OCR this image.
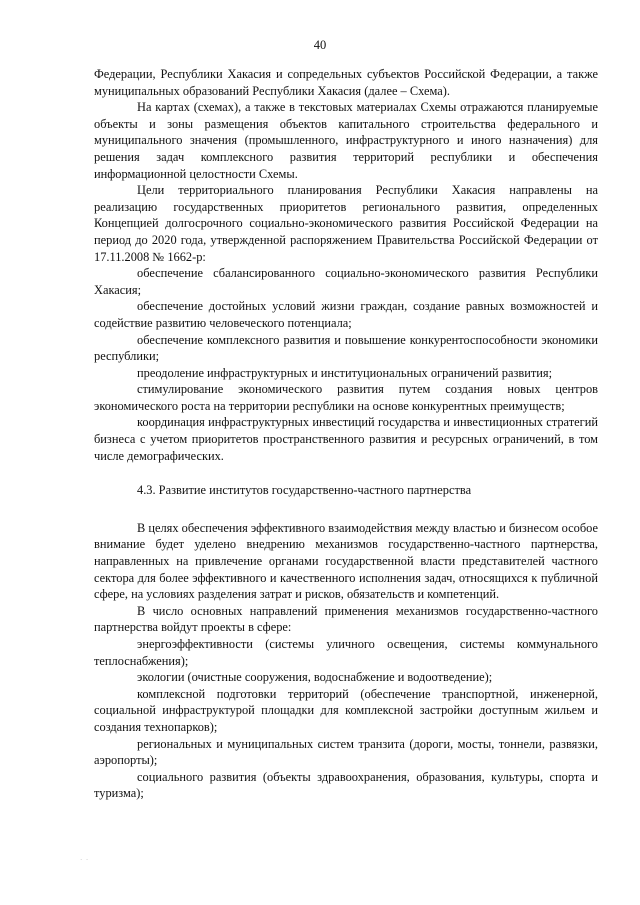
40

Федерации, Республики Хакасия и сопредельных субъектов Российской Федерации, а также муниципальных образований Республики Хакасия (далее – Схема).

На картах (схемах), а также в текстовых материалах Схемы отражаются планируемые объекты и зоны размещения объектов капитального строительства федерального и муниципального значения (промышленного, инфраструктурного и иного назначения) для решения задач комплексного развития территорий республики и обеспечения информационной целостности Схемы.

Цели территориального планирования Республики Хакасия направлены на реализацию государственных приоритетов регионального развития, определенных Концепцией долгосрочного социально-экономического развития Российской Федерации на период до 2020 года, утвержденной распоряжением Правительства Российской Федерации от 17.11.2008 № 1662-р:

обеспечение сбалансированного социально-экономического развития Республики Хакасия;

обеспечение достойных условий жизни граждан, создание равных возможностей и содействие развитию человеческого потенциала;

обеспечение комплексного развития и повышение конкурентоспособности экономики республики;

преодоление инфраструктурных и институциональных ограничений развития;

стимулирование экономического развития путем создания новых центров экономического роста на территории республики на основе конкурентных преимуществ;

координация инфраструктурных инвестиций государства и инвестиционных стратегий бизнеса с учетом приоритетов пространственного развития и ресурсных ограничений, в том числе демографических.

4.3. Развитие институтов государственно-частного партнерства

В целях обеспечения эффективного взаимодействия между властью и бизнесом особое внимание будет уделено внедрению механизмов государственно-частного партнерства, направленных на привлечение органами государственной власти представителей частного сектора для более эффективного и качественного исполнения задач, относящихся к публичной сфере, на условиях разделения затрат и рисков, обязательств и компетенций.

В число основных направлений применения механизмов государственно-частного партнерства войдут проекты в сфере:

энергоэффективности (системы уличного освещения, системы коммунального теплоснабжения);

экологии (очистные сооружения, водоснабжение и водоотведение);

комплексной подготовки территорий (обеспечение транспортной, инженерной, социальной инфраструктурой площадки для комплексной застройки доступным жильем и создания технопарков);

региональных и муниципальных систем транзита (дороги, мосты, тоннели, развязки, аэропорты);

социального развития (объекты здравоохранения, образования, культуры, спорта и туризма);

·  ·
